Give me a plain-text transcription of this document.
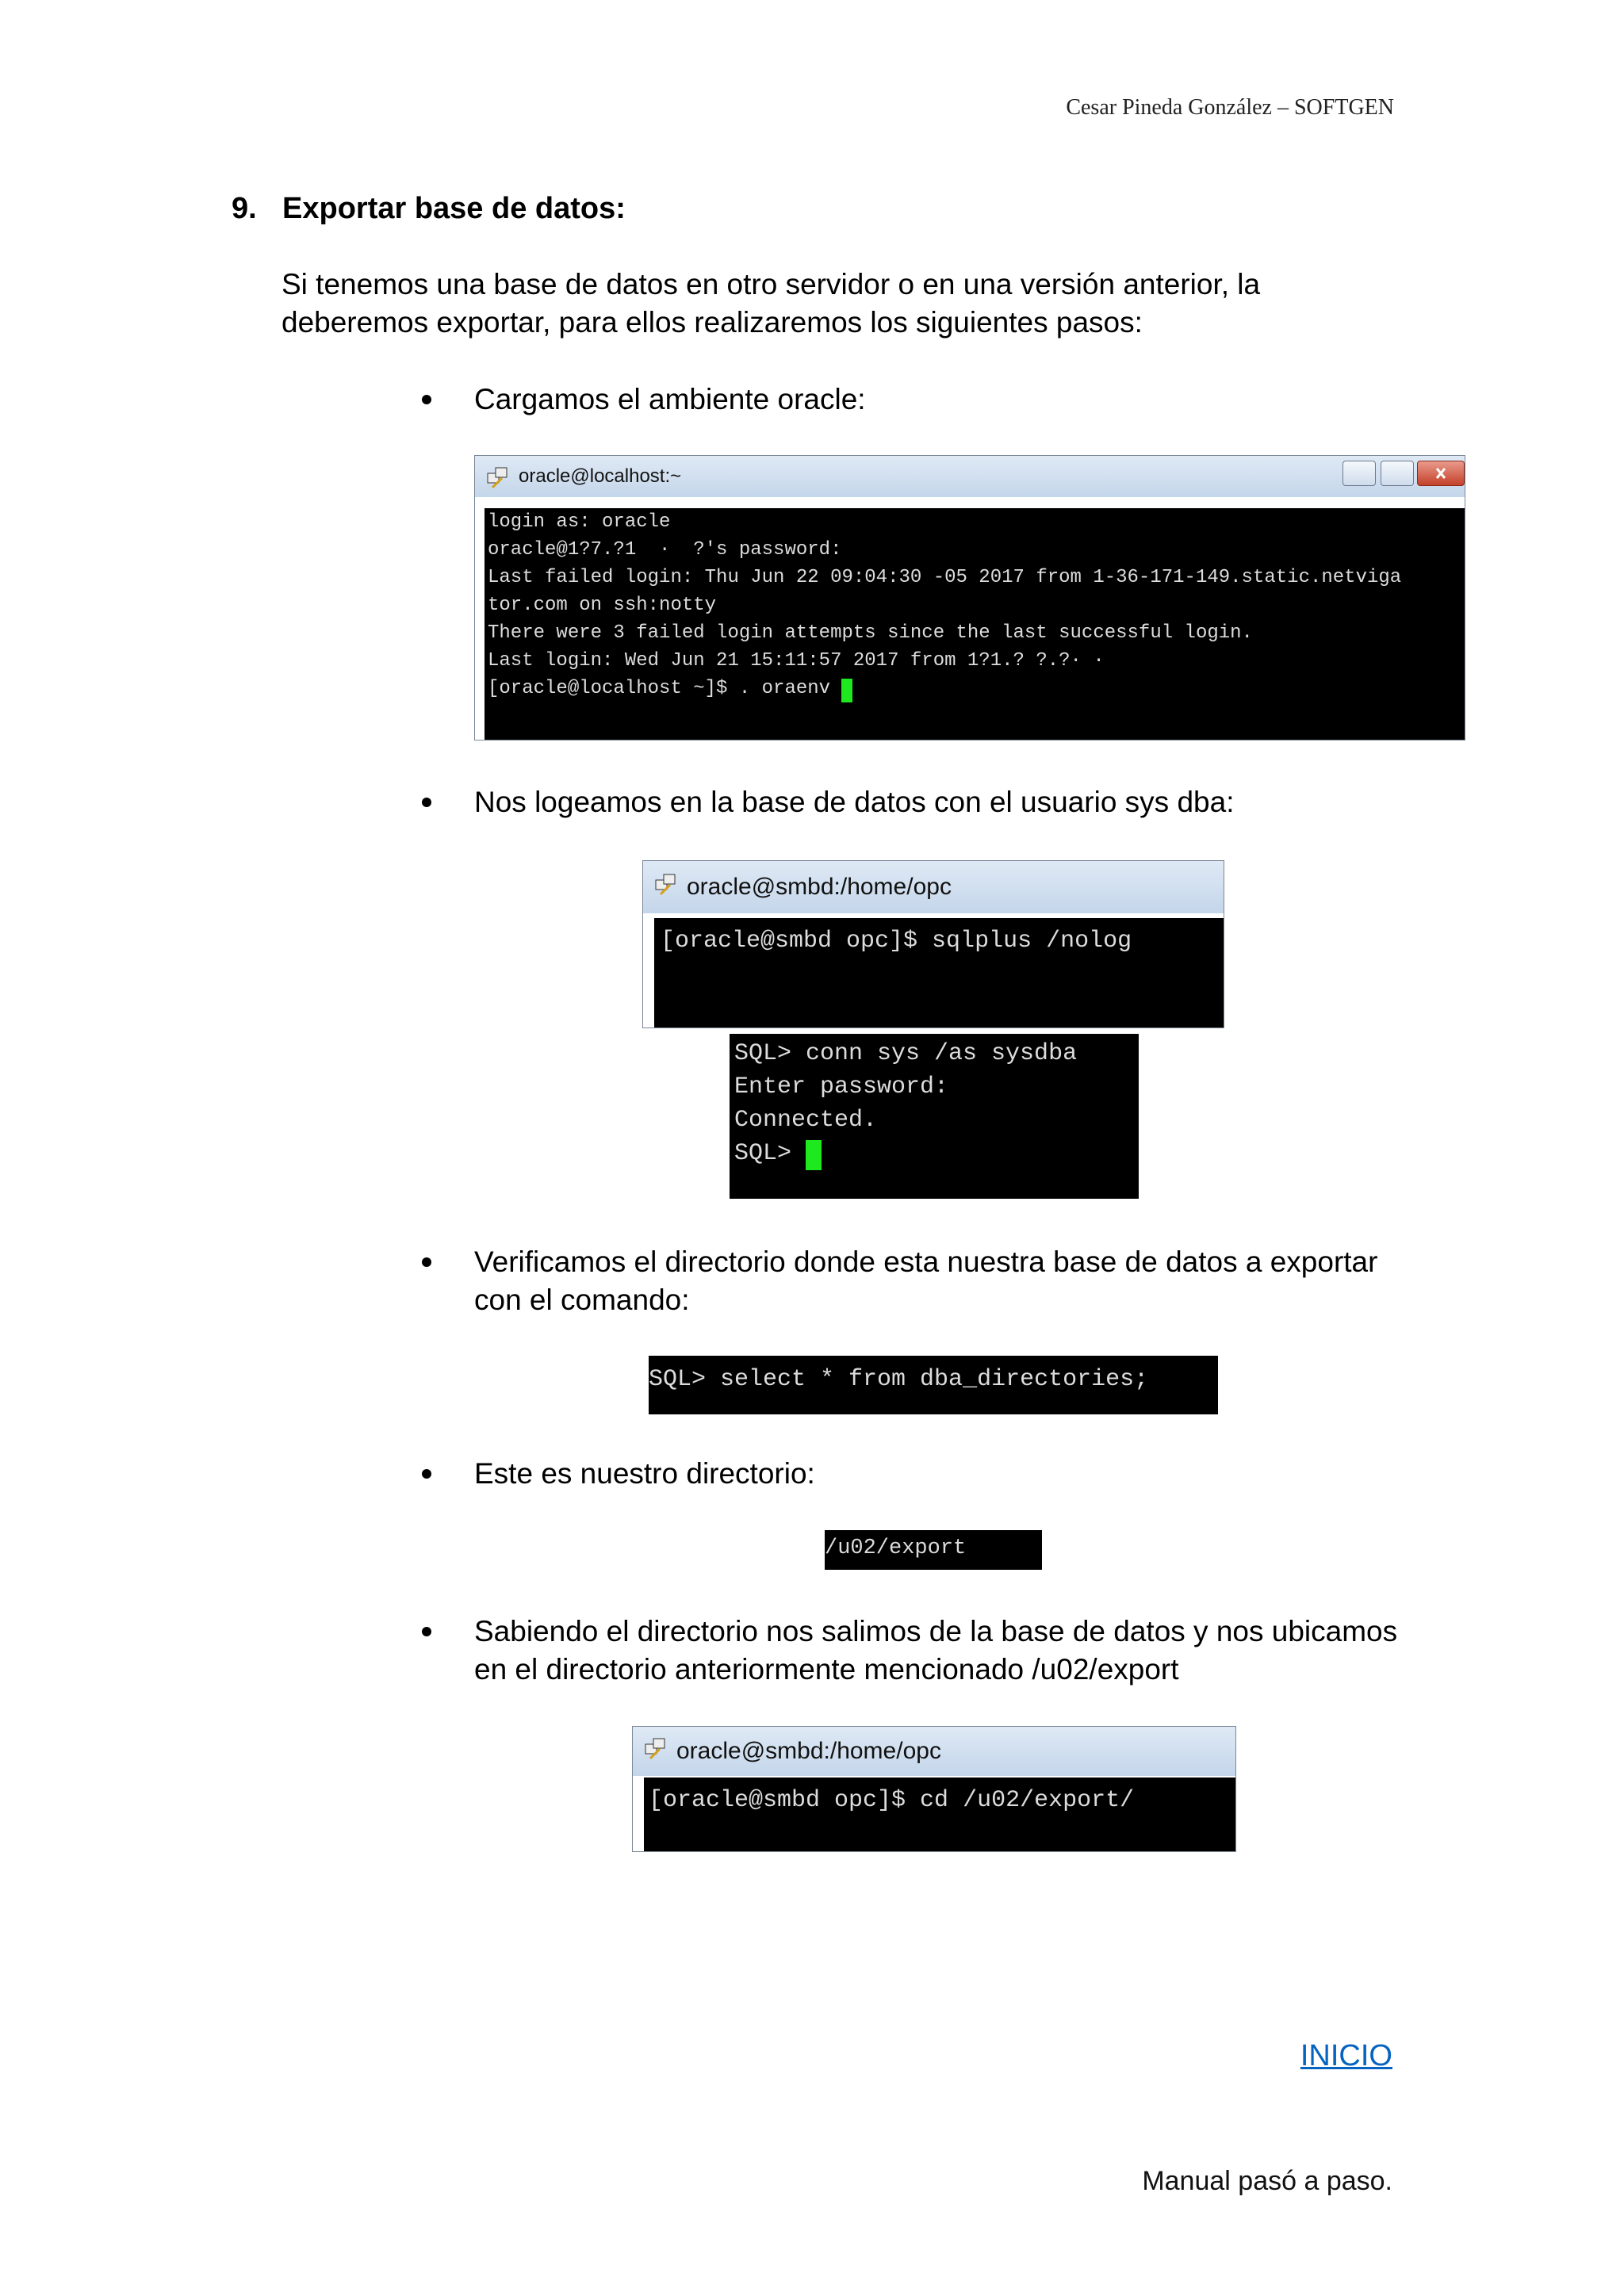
Cesar Pineda González – SOFTGEN
9. Exportar base de datos:
Si tenemos una base de datos en otro servidor o en una versión anterior, la deberemos exportar, para ellos realizaremos los siguientes pasos:
Cargamos el ambiente oracle:
oracle@localhost:~
login as: oracle
oracle@1?7.?1  ·  ?'s password:
Last failed login: Thu Jun 22 09:04:30 -05 2017 from 1-36-171-149.static.netviga
tor.com on ssh:notty
There were 3 failed login attempts since the last successful login.
Last login: Wed Jun 21 15:11:57 2017 from 1?1.? ?.?· ·
[oracle@localhost ~]$ . oraenv
Nos logeamos en la base de datos con el usuario sys dba:
oracle@smbd:/home/opc
[oracle@smbd opc]$ sqlplus /nolog
SQL> conn sys /as sysdba
Enter password:
Connected.
SQL>
Verificamos el directorio donde esta nuestra base de datos a exportar con el comando:
SQL> select * from dba_directories;
Este es nuestro directorio:
/u02/export
Sabiendo el directorio nos salimos de la base de datos y nos ubicamos en el directorio anteriormente mencionado /u02/export
oracle@smbd:/home/opc
[oracle@smbd opc]$ cd /u02/export/
INICIO
Manual pasó a paso.
